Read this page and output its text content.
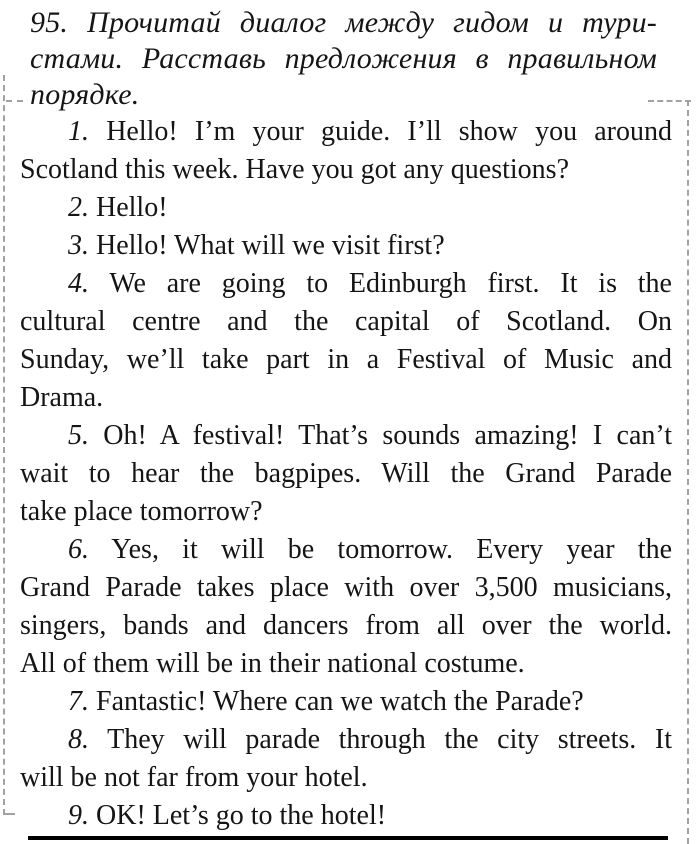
95. Прочитай диалог между гидом и тури-
стами. Расставь предложения в правильном
порядке.
1. Hello! I’m your guide. I’ll show you around
Scotland this week. Have you got any questions?
2. Hello!
3. Hello! What will we visit first?
4. We are going to Edinburgh first. It is the
cultural centre and the capital of Scotland. On
Sunday, we’ll take part in a Festival of Music and
Drama.
5. Oh! A festival! That’s sounds amazing! I can’t
wait to hear the bagpipes. Will the Grand Parade
take place tomorrow?
6. Yes, it will be tomorrow. Every year the
Grand Parade takes place with over 3,500 musicians,
singers, bands and dancers from all over the world.
All of them will be in their national costume.
7. Fantastic! Where can we watch the Parade?
8. They will parade through the city streets. It
will be not far from your hotel.
9. OK! Let’s go to the hotel!
